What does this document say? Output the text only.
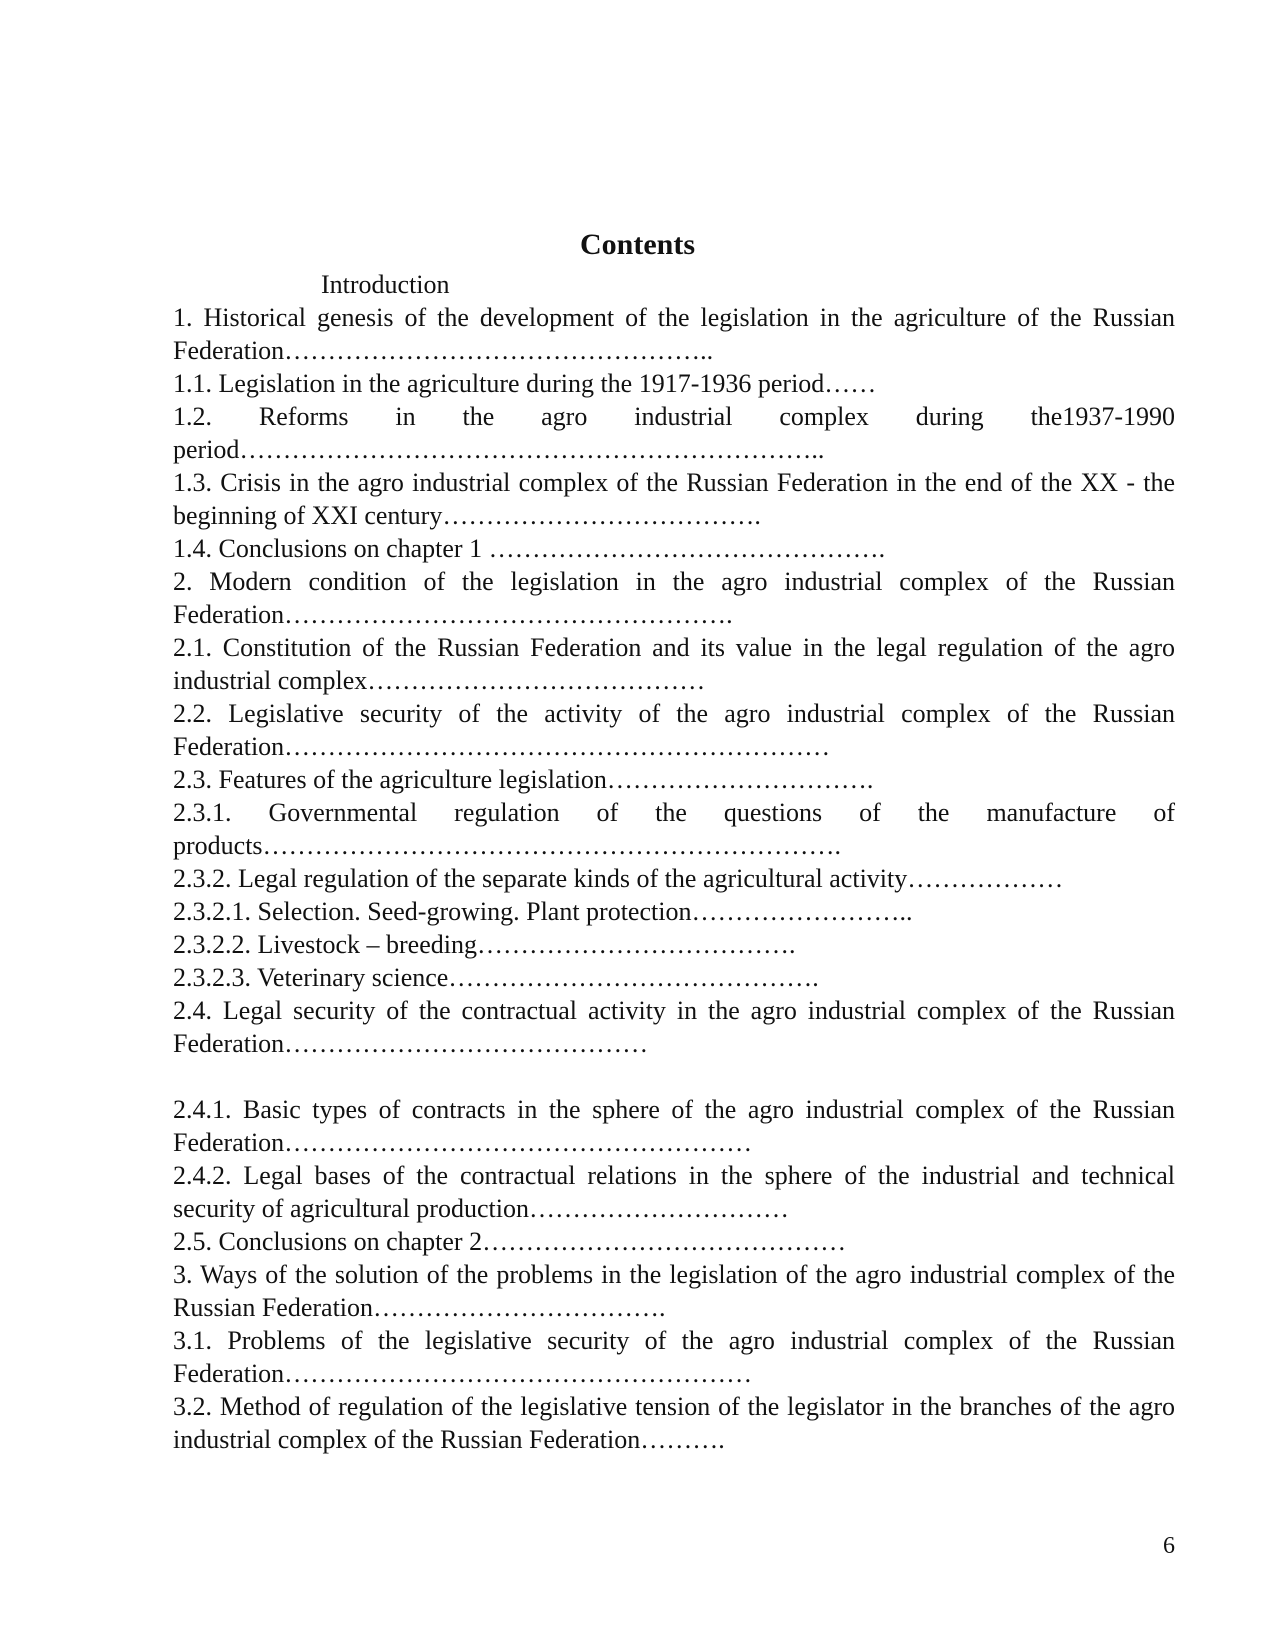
Contents
Introduction
1. Historical genesis of the development of the legislation in the agriculture of the Russian Federation…………………………………………..
1.1. Legislation in the agriculture during the 1917-1936 period……
1.2. Reforms in the agro industrial complex during the1937-1990 period…………………………………………………………..
1.3. Crisis in the agro industrial complex of the Russian Federation in the end of the XX - the beginning of XXI century……………………………….
1.4. Conclusions on chapter 1 ……………………………………….
2. Modern condition of the legislation in the agro industrial complex of the Russian Federation…………………………………………….
2.1. Constitution of the Russian Federation and its value in the legal regulation of the agro industrial complex…………………………………
2.2. Legislative security of the activity of the agro industrial complex of the Russian Federation………………………………………………………
2.3. Features of the agriculture legislation………………………….
2.3.1. Governmental regulation of the questions of the manufacture of products………………………………………………………….
2.3.2. Legal regulation of the separate kinds of the agricultural activity………………
2.3.2.1. Selection. Seed-growing. Plant protection……………………..
2.3.2.2. Livestock – breeding……………………………….
2.3.2.3. Veterinary science…………………………………….
2.4. Legal security of the contractual activity in the agro industrial complex of the Russian Federation……………………………………
2.4.1. Basic types of contracts in the sphere of the agro industrial complex of the Russian Federation………………………………………………
2.4.2. Legal bases of the contractual relations in the sphere of the industrial and technical security of agricultural production…………………………
2.5. Conclusions on chapter 2……………………………………
3. Ways of the solution of the problems in the legislation of the agro industrial complex of the Russian Federation…………………………….
3.1. Problems of the legislative security of the agro industrial complex of the Russian Federation………………………………………………
3.2. Method of regulation of the legislative tension of the legislator in the branches of the agro industrial complex of the Russian Federation……….
6
